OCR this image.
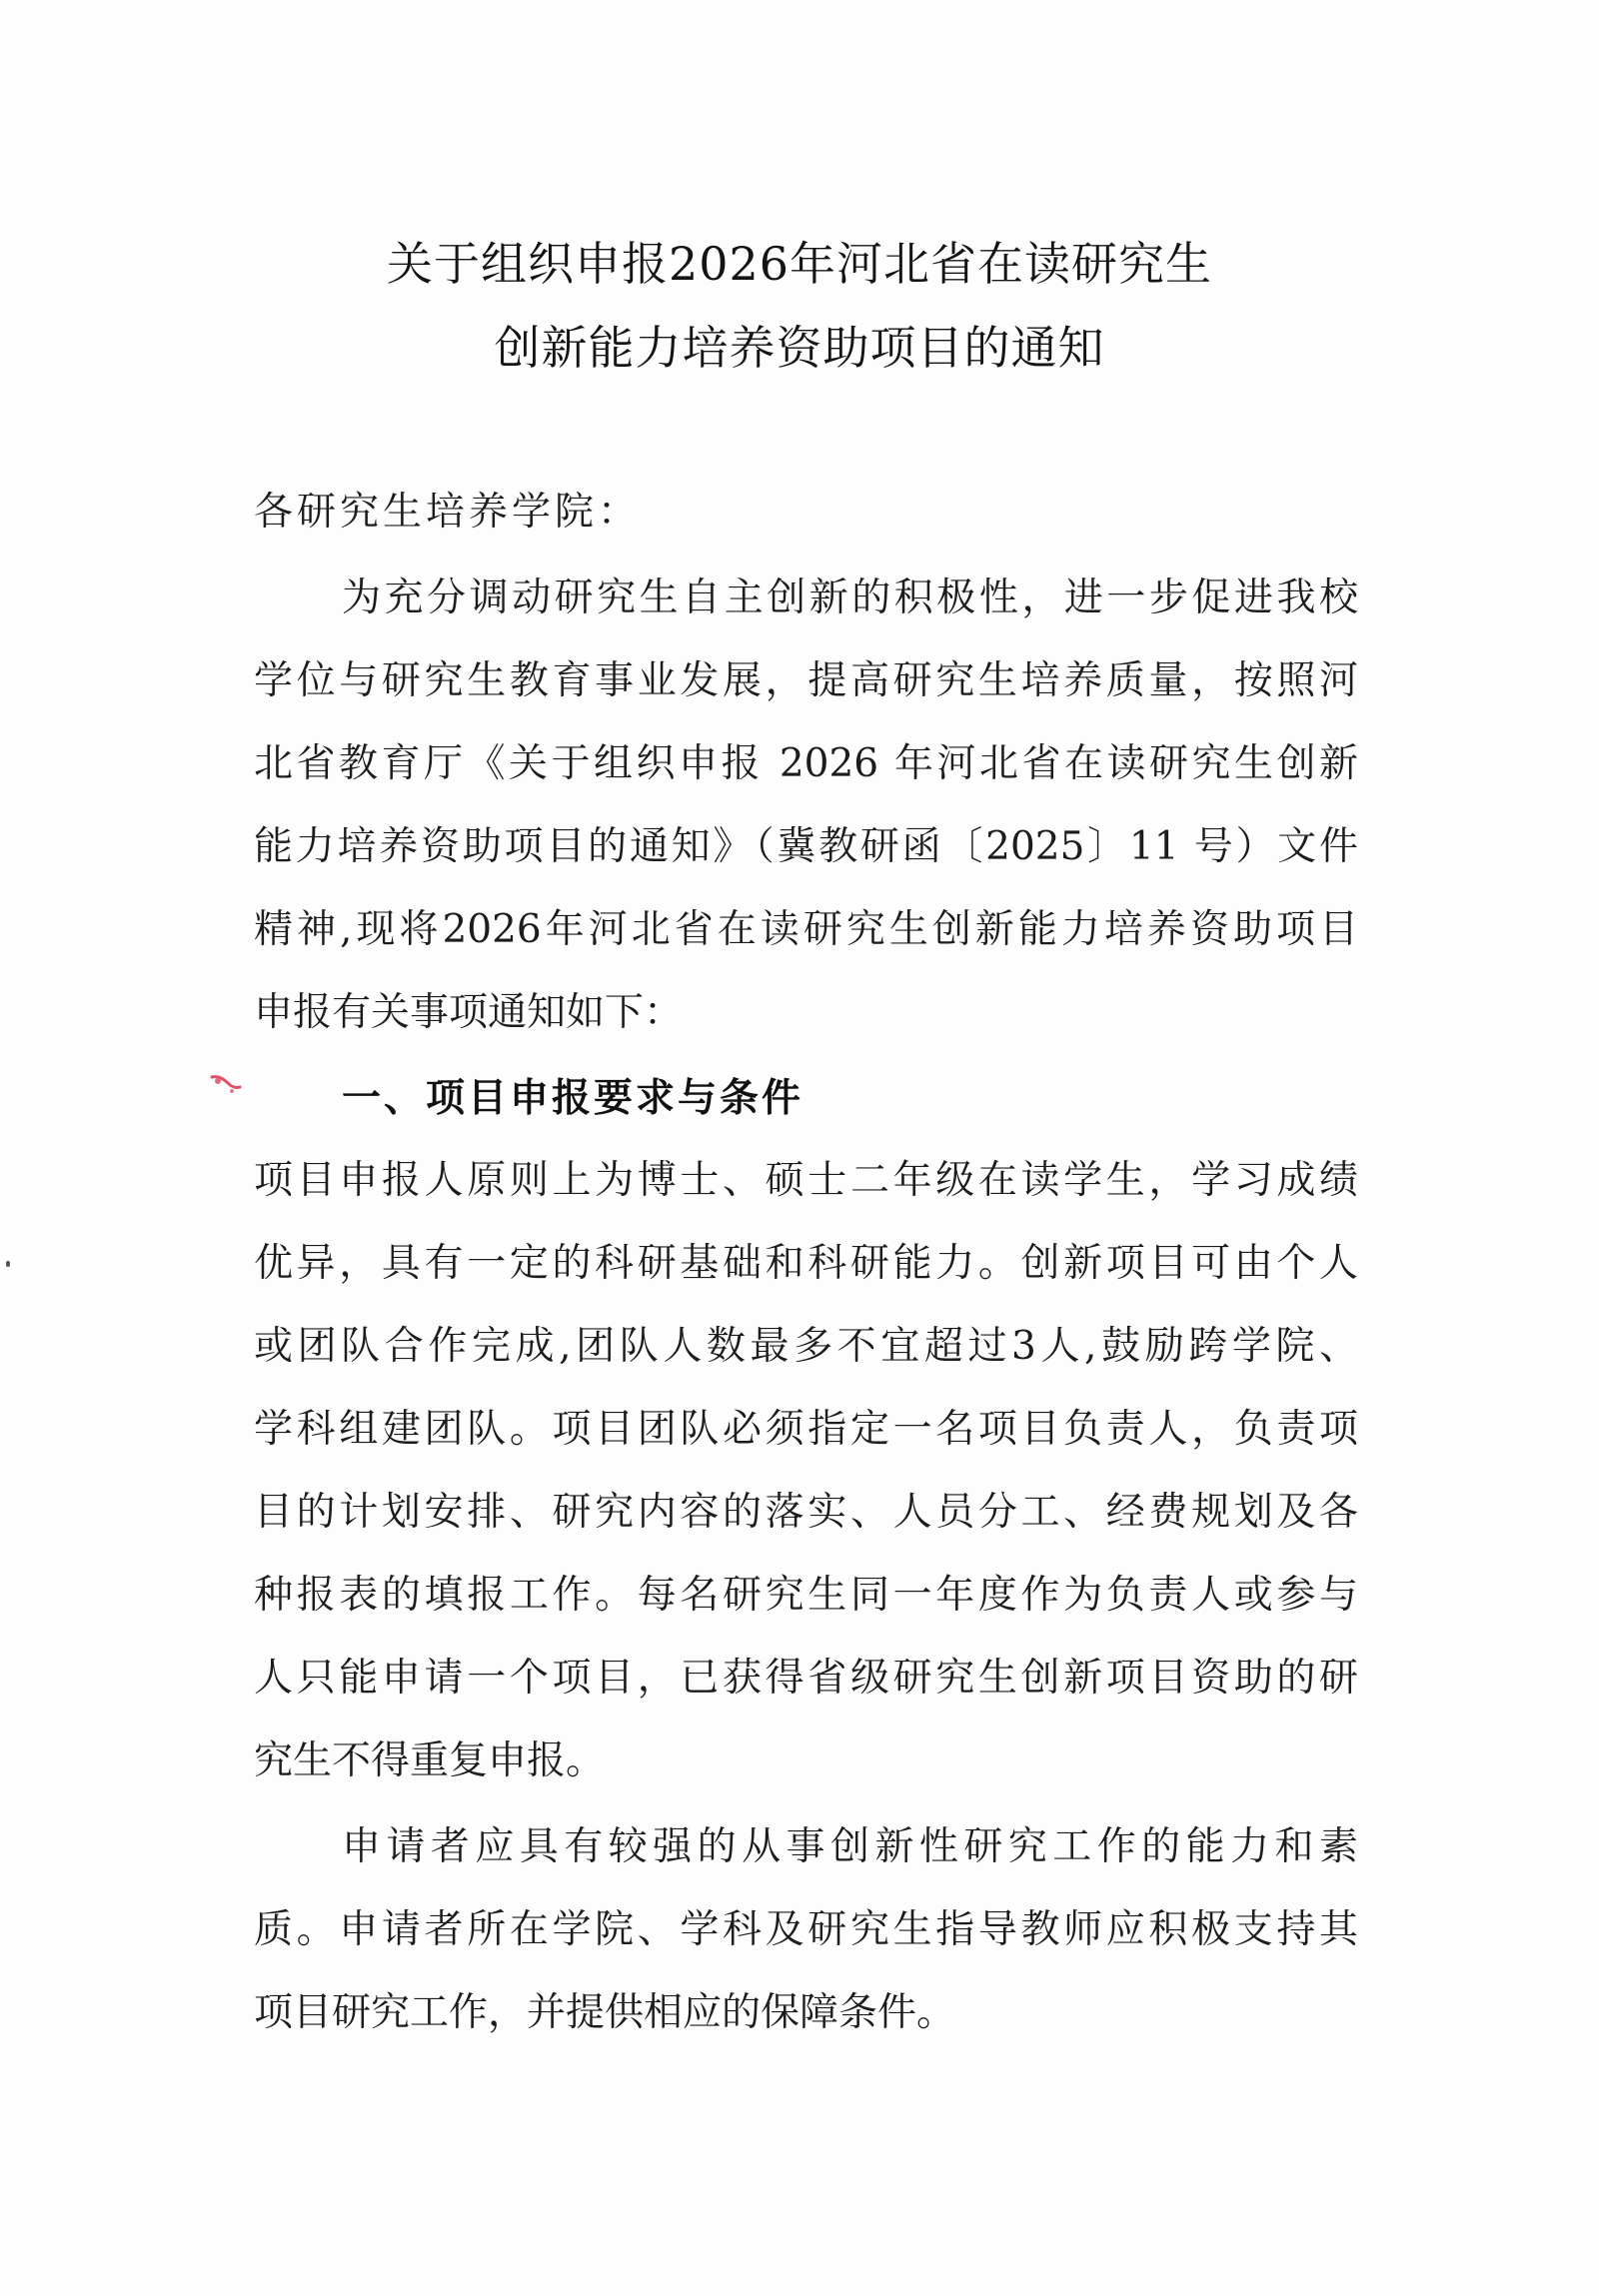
关于组织申报2026年河北省在读研究生
创新能力培养资助项目的通知
各研究生培养学院：
为充分调动研究生自主创新的积极性，进一步促进我校
学位与研究生教育事业发展，提高研究生培养质量，按照河
北省教育厅《关于组织申报 2026 年河北省在读研究生创新
能力培养资助项目的通知》（冀教研函〔2025〕11 号）文件
精神,现将2026年河北省在读研究生创新能力培养资助项目
申报有关事项通知如下：
一、项目申报要求与条件
项目申报人原则上为博士、硕士二年级在读学生，学习成绩
优异，具有一定的科研基础和科研能力。创新项目可由个人
或团队合作完成,团队人数最多不宜超过3人,鼓励跨学院、
学科组建团队。项目团队必须指定一名项目负责人，负责项
目的计划安排、研究内容的落实、人员分工、经费规划及各
种报表的填报工作。每名研究生同一年度作为负责人或参与
人只能申请一个项目，已获得省级研究生创新项目资助的研
究生不得重复申报。
申请者应具有较强的从事创新性研究工作的能力和素
质。申请者所在学院、学科及研究生指导教师应积极支持其
项目研究工作，并提供相应的保障条件。
